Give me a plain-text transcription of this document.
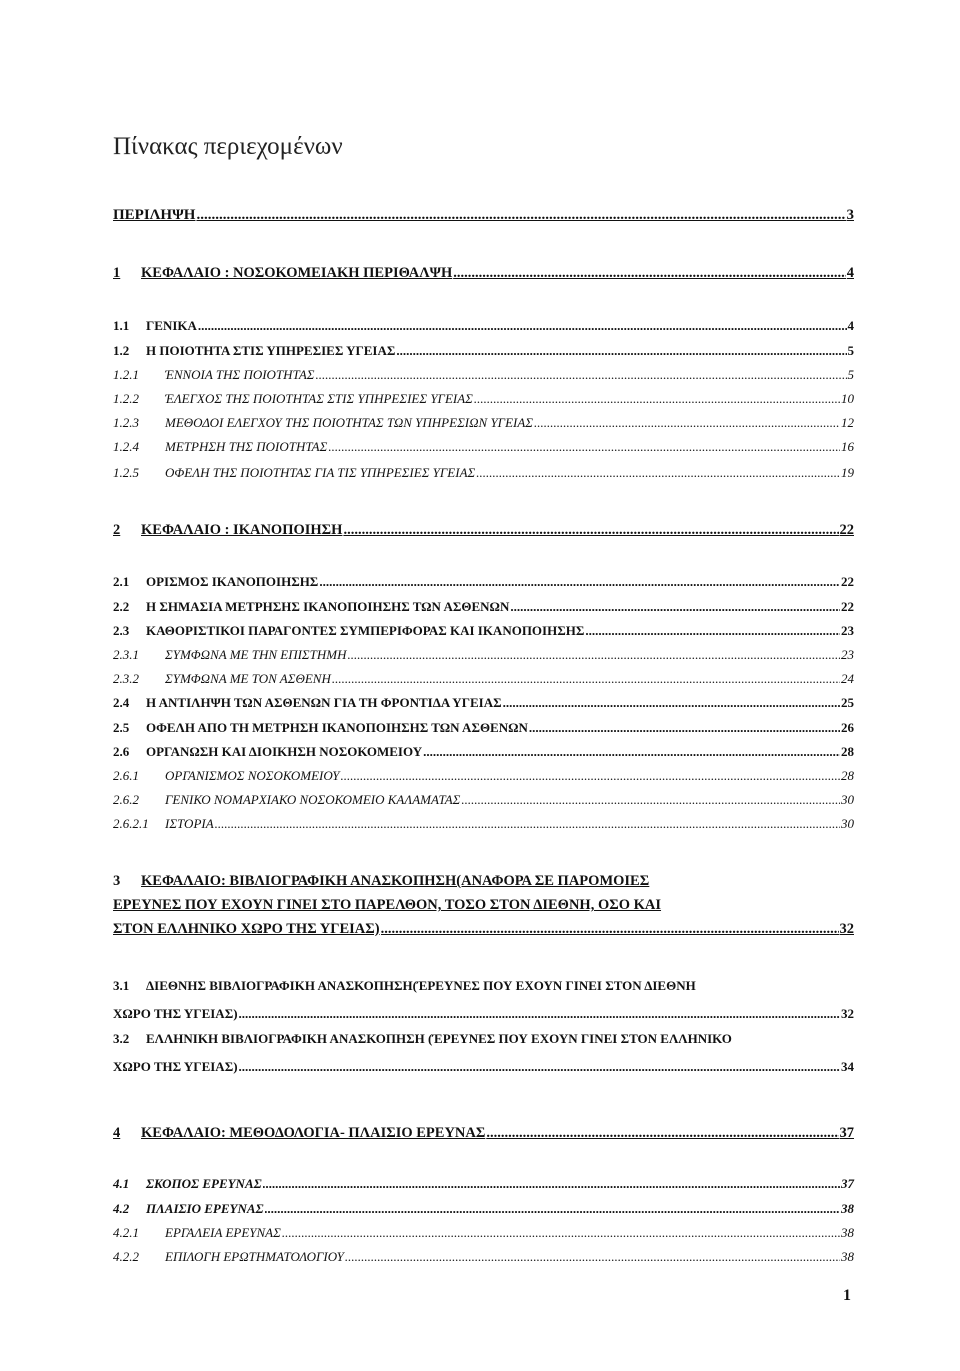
Πίνακας περιεχομένων
ΠΕΡΙΛΗΨΗ .....	3
1	ΚΕΦΑΛΑΙΟ : ΝΟΣΟΚΟΜΕΙΑΚΗ ΠΕΡΙΘΑΛΨΗ .....	4
1.1	ΓΕΝΙΚΑ .....	4
1.2	Η ΠΟΙΟΤΗΤΑ ΣΤΙΣ ΥΠΗΡΕΣΙΕΣ ΥΓΕΙΑΣ .....	5
1.2.1	ΈΝΝΟΙΑ ΤΗΣ ΠΟΙΟΤΗΤΑΣ .....	5
1.2.2	ΈΛΕΓΧΟΣ ΤΗΣ ΠΟΙΟΤΗΤΑΣ ΣΤΙΣ ΥΠΗΡΕΣΙΕΣ ΥΓΕΙΑΣ .....	10
1.2.3	ΜΕΘΟΔΟΙ ΕΛΕΓΧΟΥ ΤΗΣ ΠΟΙΟΤΗΤΑΣ ΤΩΝ ΥΠΗΡΕΣΙΩΝ ΥΓΕΙΑΣ .....	12
1.2.4	ΜΕΤΡΗΣΗ ΤΗΣ ΠΟΙΟΤΗΤΑΣ .....	16
1.2.5	ΟΦΕΛΗ ΤΗΣ ΠΟΙΟΤΗΤΑΣ ΓΙΑ ΤΙΣ ΥΠΗΡΕΣΙΕΣ ΥΓΕΙΑΣ .....	19
2	ΚΕΦΑΛΑΙΟ : ΙΚΑΝΟΠΟΙΗΣΗ .....	22
2.1	ΟΡΙΣΜΟΣ ΙΚΑΝΟΠΟΙΗΣΗΣ .....	22
2.2	Η ΣΗΜΑΣΙΑ ΜΕΤΡΗΣΗΣ ΙΚΑΝΟΠΟΙΗΣΗΣ ΤΩΝ ΑΣΘΕΝΩΝ .....	22
2.3	ΚΑΘΟΡΙΣΤΙΚΟΙ ΠΑΡΑΓΟΝΤΕΣ ΣΥΜΠΕΡΙΦΟΡΑΣ ΚΑΙ ΙΚΑΝΟΠΟΙΗΣΗΣ .....	23
2.3.1	ΣΥΜΦΩΝΑ ΜΕ ΤΗΝ ΕΠΙΣΤΗΜΗ .....	23
2.3.2	ΣΥΜΦΩΝΑ ΜΕ ΤΟΝ ΑΣΘΕΝΗ .....	24
2.4	Η ΑΝΤΙΛΗΨΗ ΤΩΝ ΑΣΘΕΝΩΝ ΓΙΑ ΤΗ ΦΡΟΝΤΙΔΑ ΥΓΕΙΑΣ .....	25
2.5	ΟΦΕΛΗ ΑΠΟ ΤΗ ΜΕΤΡΗΣΗ ΙΚΑΝΟΠΟΙΗΣΗΣ ΤΩΝ ΑΣΘΕΝΩΝ .....	26
2.6	ΟΡΓΑΝΩΣΗ ΚΑΙ ΔΙΟΙΚΗΣΗ ΝΟΣΟΚΟΜΕΙΟΥ .....	28
2.6.1	ΟΡΓΑΝΙΣΜΟΣ ΝΟΣΟΚΟΜΕΙΟΥ .....	28
2.6.2	ΓΕΝΙΚΟ ΝΟΜΑΡΧΙΑΚΟ ΝΟΣΟΚΟΜΕΙΟ ΚΑΛΑΜΑΤΑΣ .....	30
2.6.2.1	ΙΣΤΟΡΙΑ .....	30
3 ΚΕΦΑΛΑΙΟ: ΒΙΒΛΙΟΓΡΑΦΙΚΗ ΑΝΑΣΚΟΠΗΣΗ(ΑΝΑΦΟΡΑ ΣΕ ΠΑΡΟΜΟΙΕΣ
ΕΡΕΥΝΕΣ ΠΟΥ ΕΧΟΥΝ ΓΙΝΕΙ ΣΤΟ ΠΑΡΕΛΘΟΝ, ΤΟΣΟ ΣΤΟΝ ΔΙΕΘΝΗ, ΟΣΟ ΚΑΙ
ΣΤΟΝ ΕΛΛΗΝΙΚΟ ΧΩΡΟ ΤΗΣ ΥΓΕΙΑΣ) .....	32
3.1 ΔΙΕΘΝΗΣ ΒΙΒΛΙΟΓΡΑΦΙΚΗ ΑΝΑΣΚΟΠΗΣΗ(ΈΡΕΥΝΕΣ ΠΟΥ ΕΧΟΥΝ ΓΙΝΕΙ ΣΤΟΝ ΔΙΕΘΝΗ
ΧΩΡΟ ΤΗΣ ΥΓΕΙΑΣ) .....	32
3.2 ΕΛΛΗΝΙΚΗ ΒΙΒΛΙΟΓΡΑΦΙΚΗ ΑΝΑΣΚΟΠΗΣΗ (ΈΡΕΥΝΕΣ ΠΟΥ ΕΧΟΥΝ ΓΙΝΕΙ ΣΤΟΝ ΕΛΛΗΝΙΚΟ
ΧΩΡΟ ΤΗΣ ΥΓΕΙΑΣ) .....	34
4	ΚΕΦΑΛΑΙΟ: ΜΕΘΟΔΟΛΟΓΙΑ- ΠΛΑΙΣΙΟ ΕΡΕΥΝΑΣ .....	37
4.1	ΣΚΟΠΟΣ ΕΡΕΥΝΑΣ .....	37
4.2	ΠΛΑΙΣΙΟ ΕΡΕΥΝΑΣ .....	38
4.2.1	ΕΡΓΑΛΕΙΑ ΕΡΕΥΝΑΣ .....	38
4.2.2	ΕΠΙΛΟΓΗ ΕΡΩΤΗΜΑΤΟΛΟΓΙΟΥ .....	38
1
